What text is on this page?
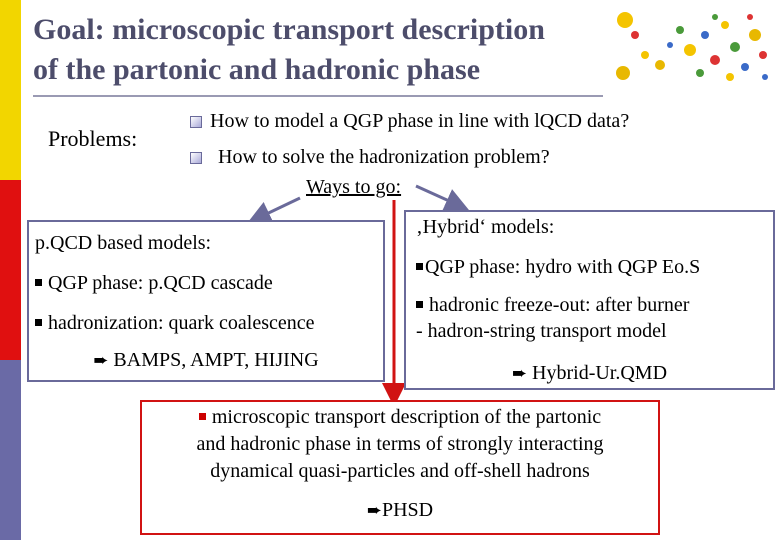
Goal: microscopic transport description
of the partonic and hadronic phase
Problems:
How to model a QGP phase in line with lQCD data?
How to solve the hadronization problem?
Ways to go:
p.QCD based models:
QGP phase: p.QCD cascade
hadronization: quark coalescence
➨ BAMPS, AMPT, HIJING
‚Hybrid‘ models:
QGP phase: hydro with QGP Eo.S
hadronic freeze-out: after burner
- hadron-string transport model
➨ Hybrid-Ur.QMD
microscopic transport description of the partonic
and hadronic phase in terms of strongly interacting
dynamical quasi-particles and off-shell hadrons
➨PHSD
